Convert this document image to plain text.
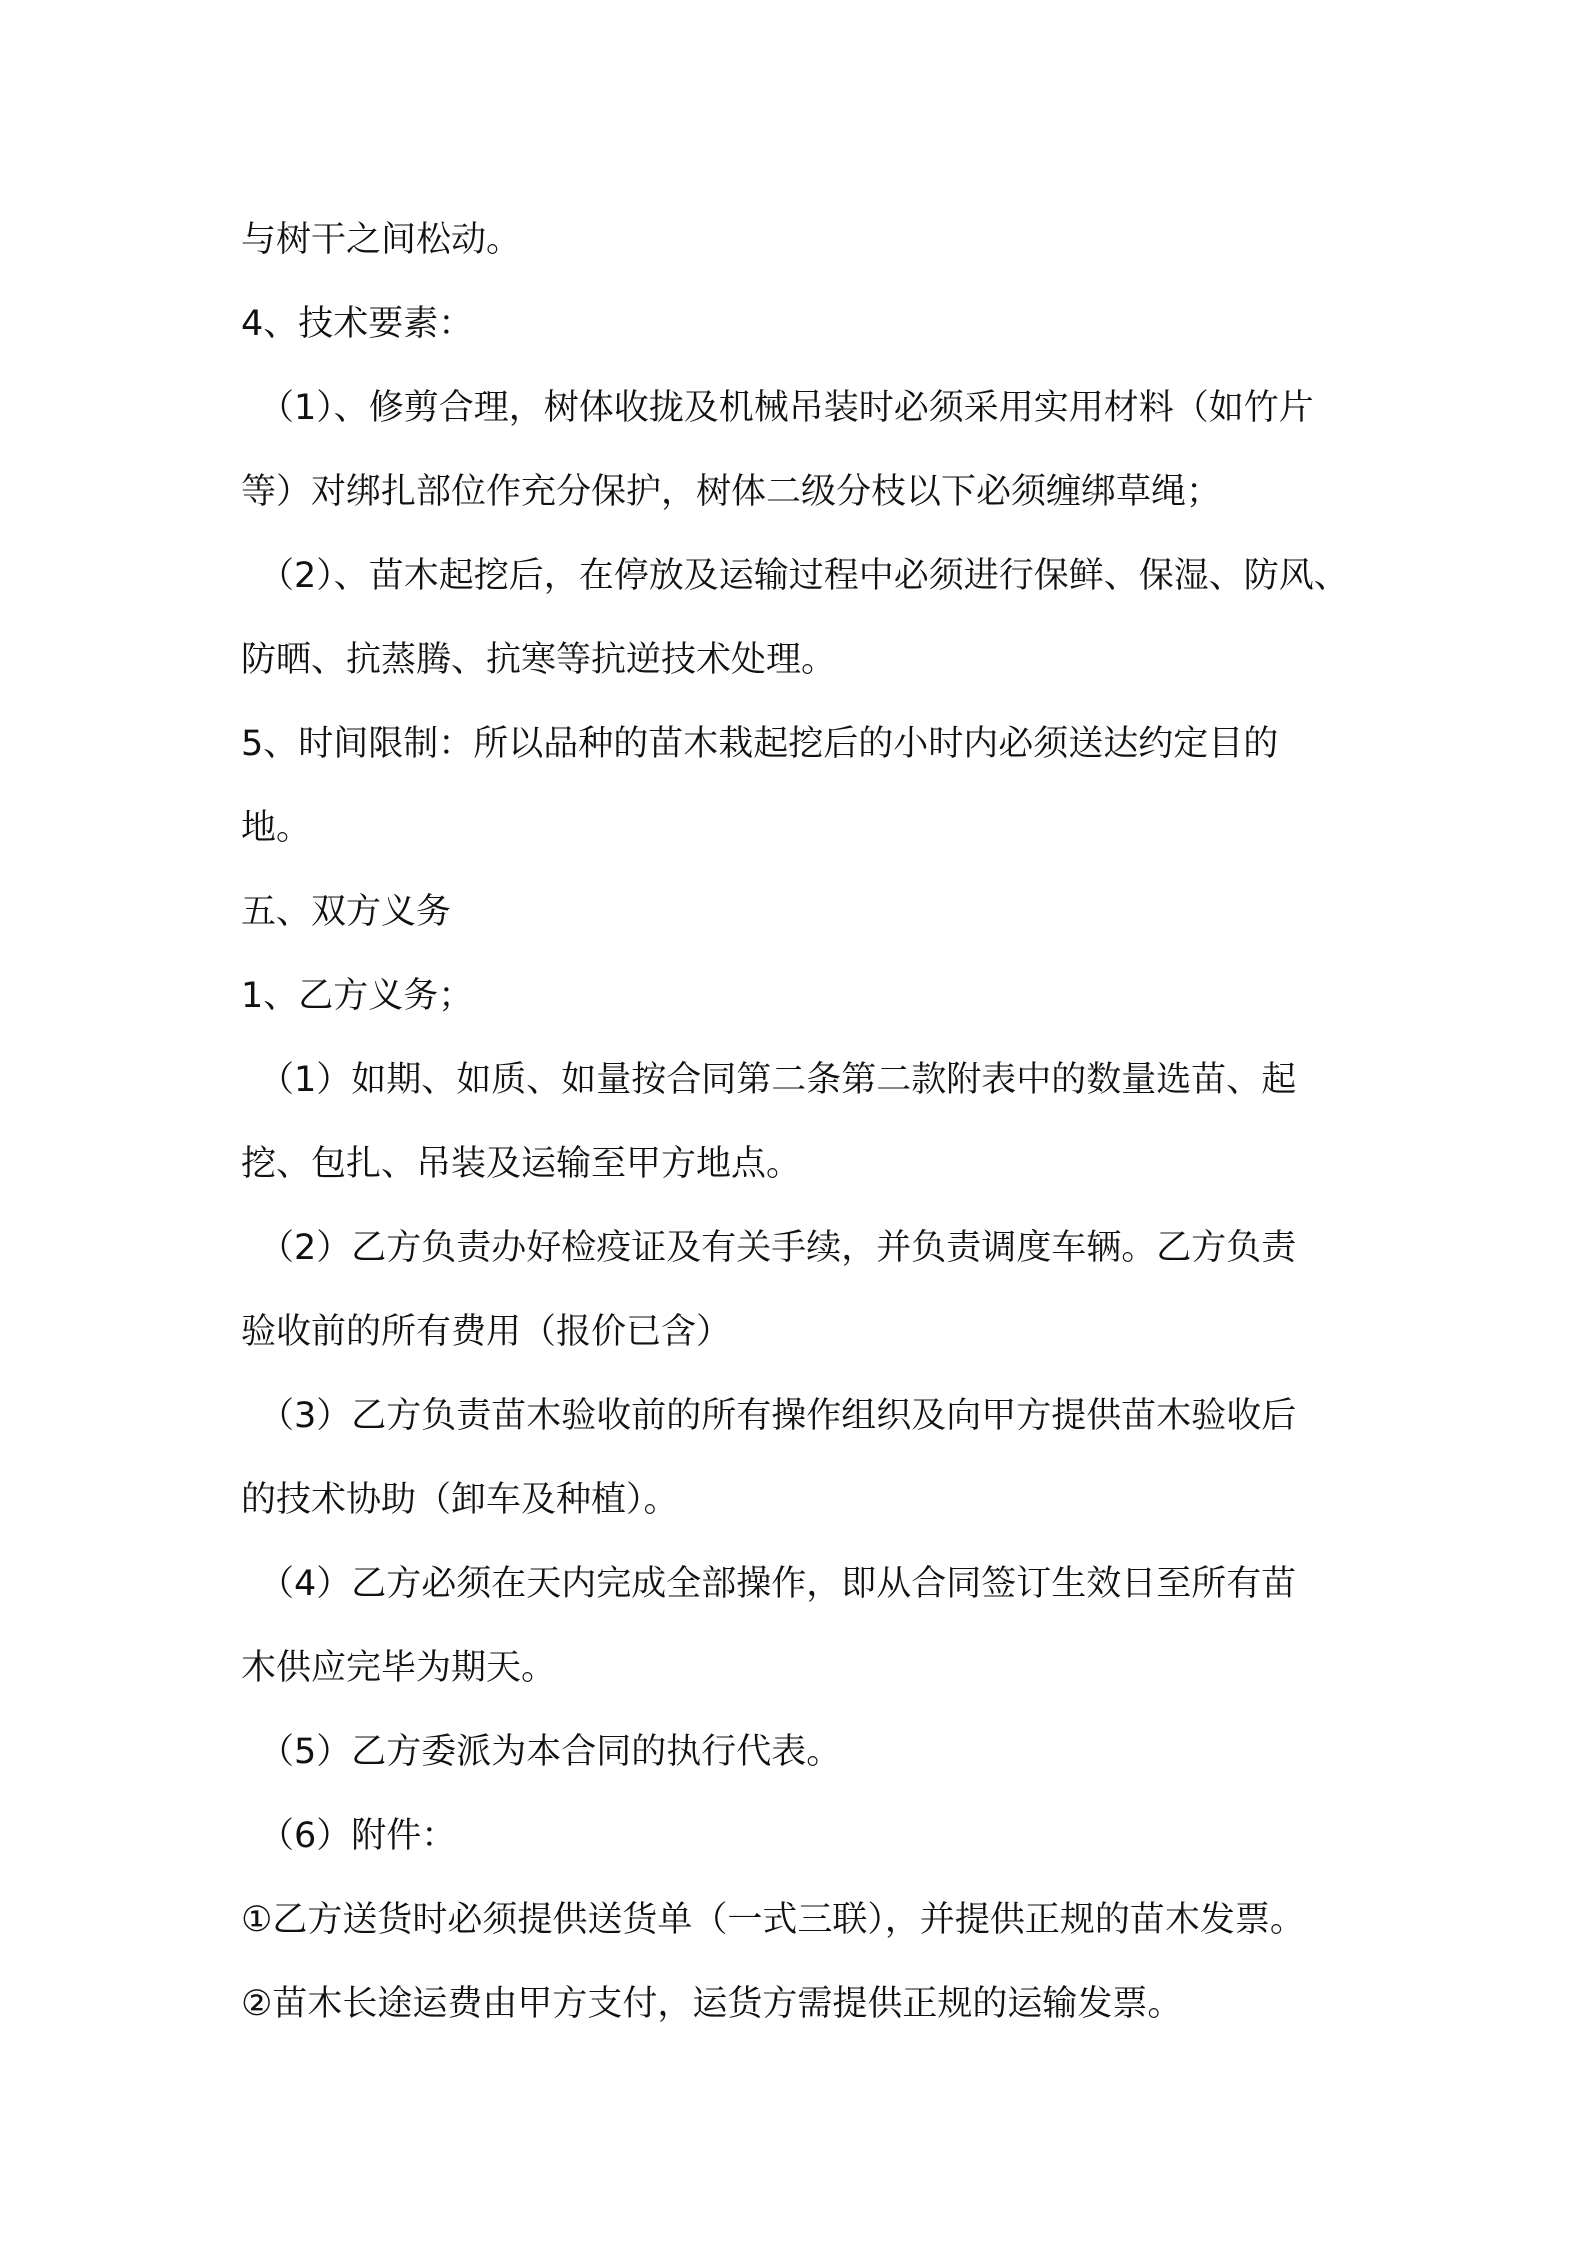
与树干之间松动。

4、技术要素：

（1）、修剪合理，树体收拢及机械吊装时必须采用实用材料（如竹片

等）对绑扎部位作充分保护，树体二级分枝以下必须缠绑草绳；

（2）、苗木起挖后，在停放及运输过程中必须进行保鲜、保湿、防风、

防晒、抗蒸腾、抗寒等抗逆技术处理。

5、时间限制：所以品种的苗木栽起挖后的小时内必须送达约定目的

地。

五、双方义务

1、乙方义务；

（1）如期、如质、如量按合同第二条第二款附表中的数量选苗、起

挖、包扎、吊装及运输至甲方地点。

（2）乙方负责办好检疫证及有关手续，并负责调度车辆。乙方负责

验收前的所有费用（报价已含）

（3）乙方负责苗木验收前的所有操作组织及向甲方提供苗木验收后

的技术协助（卸车及种植）。

（4）乙方必须在天内完成全部操作，即从合同签订生效日至所有苗

木供应完毕为期天。

（5）乙方委派为本合同的执行代表。

（6）附件：

①乙方送货时必须提供送货单（一式三联），并提供正规的苗木发票。

②苗木长途运费由甲方支付，运货方需提供正规的运输发票。
